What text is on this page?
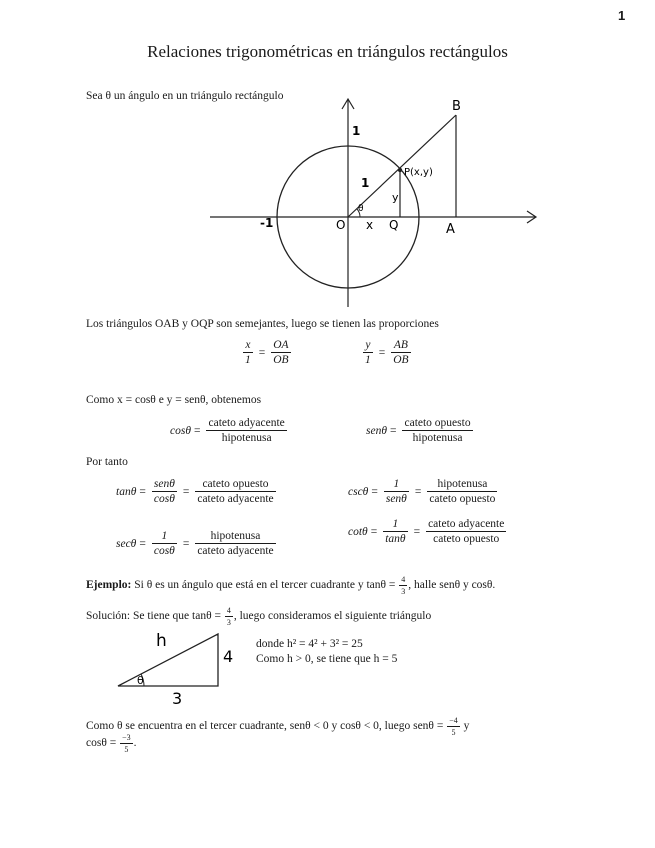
1
Relaciones trigonométricas en triángulos rectángulos
Sea θ un ángulo en un triángulo rectángulo
B
1
P(x,y)
1
y
θ
-1	O x Q	A
Los triángulos OAB y OQP son semejantes, luego se tienen las proporciones
$\frac{x}{1} = \frac{OA}{OB}$	$\frac{y}{1} = \frac{AB}{OB}$
Como x = cosθ e y = senθ, obtenemos
$\cos\theta = \frac{\text{cateto adyacente}}{\text{hipotenusa}}$	$sen\theta = \frac{\text{cateto opuesto}}{\text{hipotenusa}}$
Por tanto
$\tan\theta = \frac{\text{senθ}}{\cos\theta} = \frac{\text{cateto opuesto}}{\text{cateto adyacente}}$	$\csc\theta = \frac{1}{\text{senθ}} = \frac{\text{hipotenusa}}{\text{cateto opuesto}}$
$\sec\theta = \frac{1}{\cos\theta} = \frac{\text{hipotenusa}}{\text{cateto adyacente}}$	$\cot\theta = \frac{1}{\tan\theta} = \frac{\text{cateto adyacente}}{\text{cateto opuesto}}$
Ejemplo: Si θ es un ángulo que está en el tercer cuadrante y $\tan\theta = \frac{4}{3}$ , halle senθ y cosθ.
Solución: Se tiene que $\tan\theta = \frac{4}{3}$ , luego consideramos el siguiente triángulo
h
4
θ
3
donde h² = 4² + 3² = 25
Como h > 0, se tiene que h = 5
Como θ se encuentra en el tercer cuadrante, senθ < 0 y cosθ < 0, luego $sen\theta = \frac{-4}{5}$ y
$\cos\theta = \frac{-3}{5}$ .
